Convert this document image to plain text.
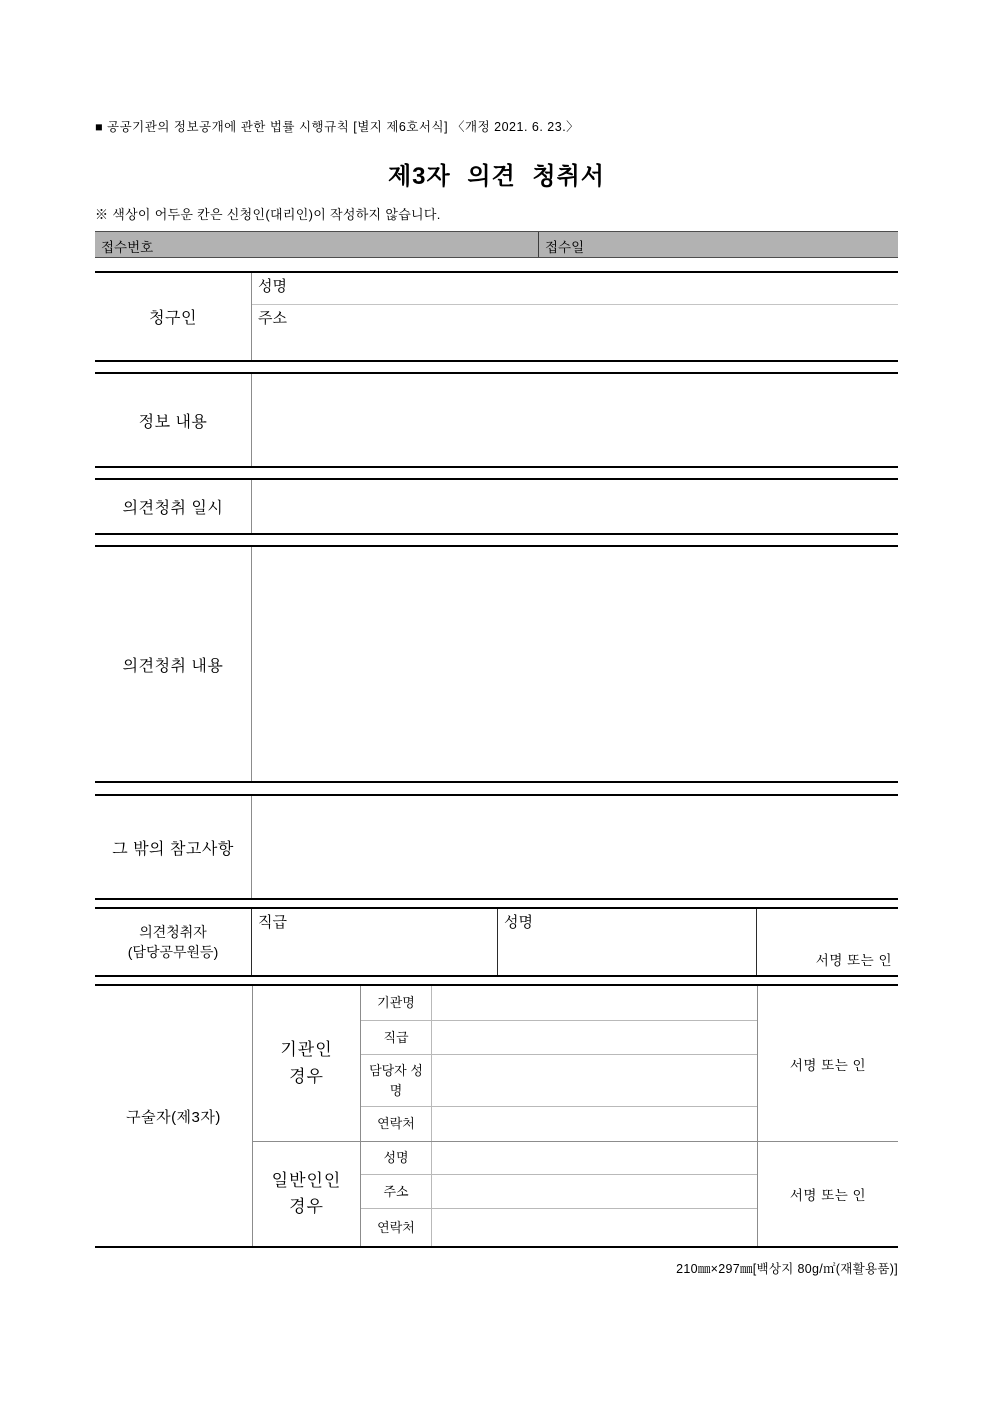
■ 공공기관의 정보공개에 관한 법률 시행규칙 [별지 제6호서식] 〈개정 2021. 6. 23.〉
제3자 의견 청취서
※ 색상이 어두운 칸은 신청인(대리인)이 작성하지 않습니다.
접수번호	접수일
청구인
성명
주소
정보 내용
의견청취 일시
의견청취 내용
그 밖의 참고사항
의견청취자
(담당공무원등)
직급	성명
서명 또는 인
구술자(제3자)
기관인
경우
기관명
직급
담당자 성명
연락처
서명 또는 인
일반인인
경우
성명
주소
연락처
서명 또는 인
210㎜×297㎜[백상지 80g/㎡(재활용품)]
